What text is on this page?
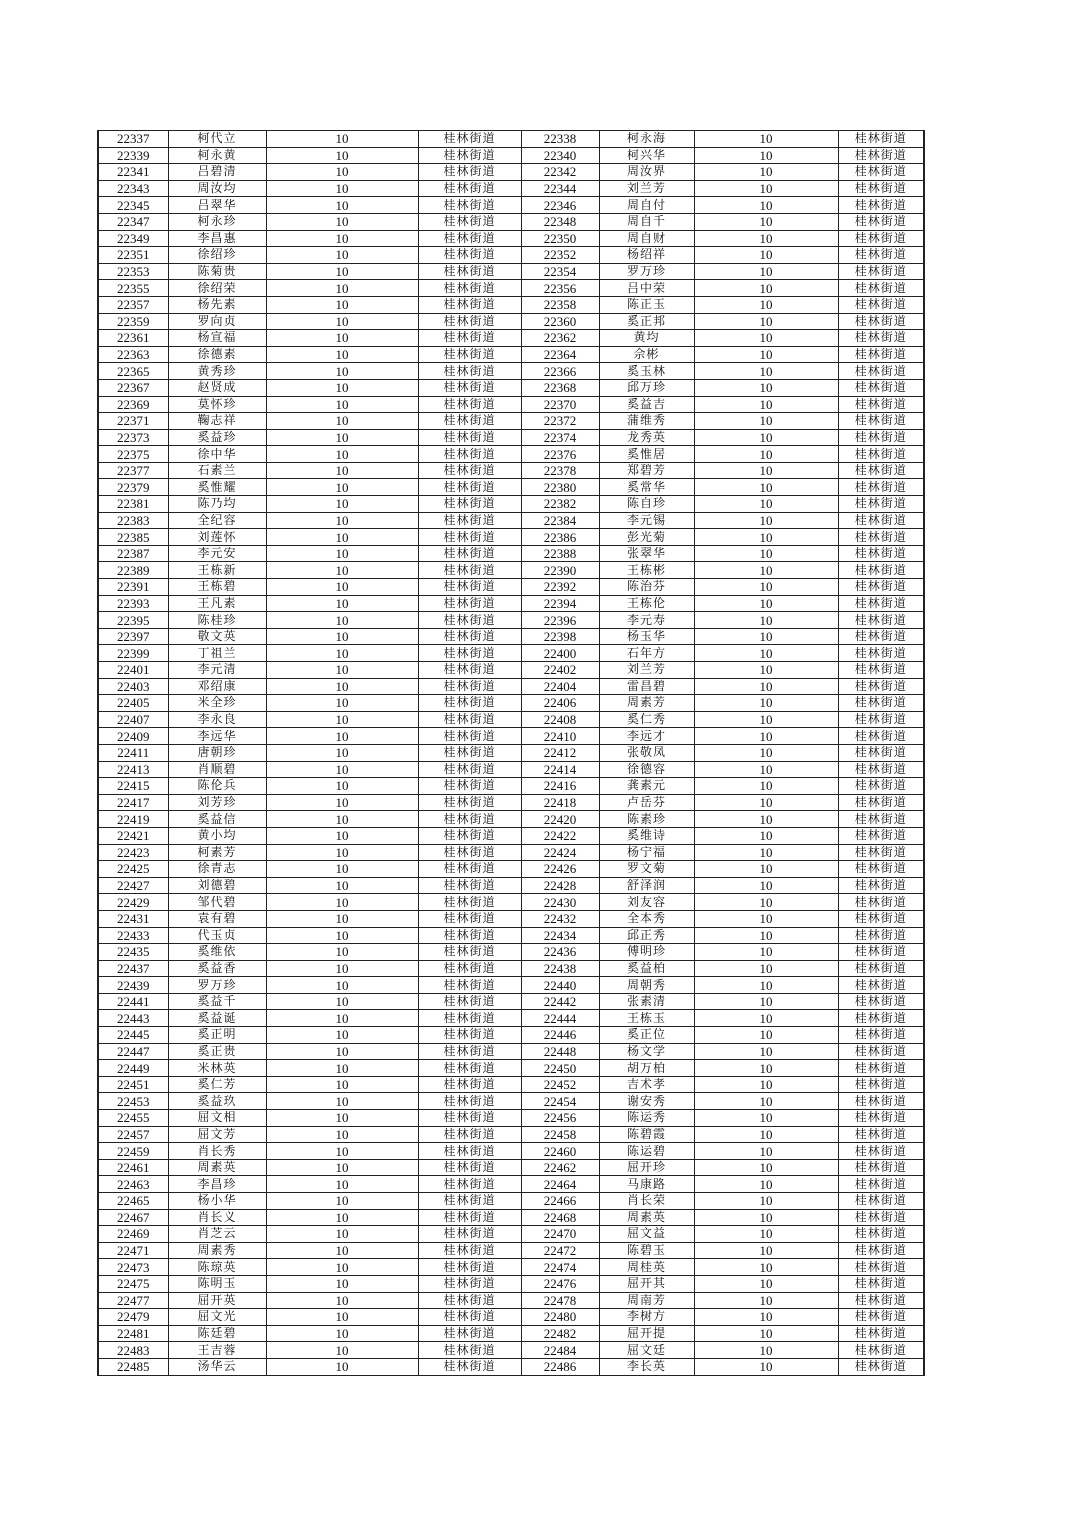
22337	柯代立	10	桂林街道	22338	柯永海	10	桂林街道
22339	柯永黄	10	桂林街道	22340	柯兴华	10	桂林街道
22341	吕碧清	10	桂林街道	22342	周汝界	10	桂林街道
22343	周汝均	10	桂林街道	22344	刘兰芳	10	桂林街道
22345	吕翠华	10	桂林街道	22346	周自付	10	桂林街道
22347	柯永珍	10	桂林街道	22348	周自千	10	桂林街道
22349	李昌惠	10	桂林街道	22350	周自财	10	桂林街道
22351	徐绍珍	10	桂林街道	22352	杨绍祥	10	桂林街道
22353	陈菊贵	10	桂林街道	22354	罗万珍	10	桂林街道
22355	徐绍荣	10	桂林街道	22356	吕中荣	10	桂林街道
22357	杨先素	10	桂林街道	22358	陈正玉	10	桂林街道
22359	罗向贞	10	桂林街道	22360	奚正邦	10	桂林街道
22361	杨宣福	10	桂林街道	22362	黄均	10	桂林街道
22363	徐德素	10	桂林街道	22364	佘彬	10	桂林街道
22365	黄秀珍	10	桂林街道	22366	奚玉林	10	桂林街道
22367	赵贤成	10	桂林街道	22368	邱万珍	10	桂林街道
22369	莫怀珍	10	桂林街道	22370	奚益吉	10	桂林街道
22371	鞠志祥	10	桂林街道	22372	蒲维秀	10	桂林街道
22373	奚益珍	10	桂林街道	22374	龙秀英	10	桂林街道
22375	徐中华	10	桂林街道	22376	奚惟居	10	桂林街道
22377	石素兰	10	桂林街道	22378	郑碧芳	10	桂林街道
22379	奚惟耀	10	桂林街道	22380	奚常华	10	桂林街道
22381	陈乃均	10	桂林街道	22382	陈自珍	10	桂林街道
22383	全纪容	10	桂林街道	22384	李元锡	10	桂林街道
22385	刘莲怀	10	桂林街道	22386	彭光菊	10	桂林街道
22387	李元安	10	桂林街道	22388	张翠华	10	桂林街道
22389	王栋新	10	桂林街道	22390	王栋彬	10	桂林街道
22391	王栋碧	10	桂林街道	22392	陈治芬	10	桂林街道
22393	王凡素	10	桂林街道	22394	王栋伦	10	桂林街道
22395	陈桂珍	10	桂林街道	22396	李元寿	10	桂林街道
22397	敬文英	10	桂林街道	22398	杨玉华	10	桂林街道
22399	丁祖兰	10	桂林街道	22400	石年方	10	桂林街道
22401	李元清	10	桂林街道	22402	刘兰芳	10	桂林街道
22403	邓绍康	10	桂林街道	22404	雷昌碧	10	桂林街道
22405	米全珍	10	桂林街道	22406	周素芳	10	桂林街道
22407	李永良	10	桂林街道	22408	奚仁秀	10	桂林街道
22409	李远华	10	桂林街道	22410	李远才	10	桂林街道
22411	唐朝珍	10	桂林街道	22412	张敬凤	10	桂林街道
22413	肖顺碧	10	桂林街道	22414	徐德容	10	桂林街道
22415	陈伦兵	10	桂林街道	22416	龚素元	10	桂林街道
22417	刘芳珍	10	桂林街道	22418	卢岳芬	10	桂林街道
22419	奚益信	10	桂林街道	22420	陈素珍	10	桂林街道
22421	黄小均	10	桂林街道	22422	奚维诗	10	桂林街道
22423	柯素芳	10	桂林街道	22424	杨宁福	10	桂林街道
22425	徐青志	10	桂林街道	22426	罗文菊	10	桂林街道
22427	刘德碧	10	桂林街道	22428	舒泽润	10	桂林街道
22429	邹代碧	10	桂林街道	22430	刘友容	10	桂林街道
22431	袁有碧	10	桂林街道	22432	全本秀	10	桂林街道
22433	代玉贞	10	桂林街道	22434	邱正秀	10	桂林街道
22435	奚维依	10	桂林街道	22436	傅明珍	10	桂林街道
22437	奚益香	10	桂林街道	22438	奚益柏	10	桂林街道
22439	罗万珍	10	桂林街道	22440	周朝秀	10	桂林街道
22441	奚益千	10	桂林街道	22442	张素清	10	桂林街道
22443	奚益诞	10	桂林街道	22444	王栋玉	10	桂林街道
22445	奚正明	10	桂林街道	22446	奚正位	10	桂林街道
22447	奚正贵	10	桂林街道	22448	杨文学	10	桂林街道
22449	米林英	10	桂林街道	22450	胡万柏	10	桂林街道
22451	奚仁芳	10	桂林街道	22452	吉术孝	10	桂林街道
22453	奚益玖	10	桂林街道	22454	谢安秀	10	桂林街道
22455	屈文相	10	桂林街道	22456	陈运秀	10	桂林街道
22457	屈文芳	10	桂林街道	22458	陈碧霞	10	桂林街道
22459	肖长秀	10	桂林街道	22460	陈运碧	10	桂林街道
22461	周素英	10	桂林街道	22462	屈开珍	10	桂林街道
22463	李昌珍	10	桂林街道	22464	马康路	10	桂林街道
22465	杨小华	10	桂林街道	22466	肖长荣	10	桂林街道
22467	肖长义	10	桂林街道	22468	周素英	10	桂林街道
22469	肖芝云	10	桂林街道	22470	屈文益	10	桂林街道
22471	周素秀	10	桂林街道	22472	陈碧玉	10	桂林街道
22473	陈琼英	10	桂林街道	22474	周桂英	10	桂林街道
22475	陈明玉	10	桂林街道	22476	屈开其	10	桂林街道
22477	屈开英	10	桂林街道	22478	周南芳	10	桂林街道
22479	屈文光	10	桂林街道	22480	李树方	10	桂林街道
22481	陈廷碧	10	桂林街道	22482	屈开提	10	桂林街道
22483	王吉蓉	10	桂林街道	22484	屈文廷	10	桂林街道
22485	汤华云	10	桂林街道	22486	李长英	10	桂林街道
